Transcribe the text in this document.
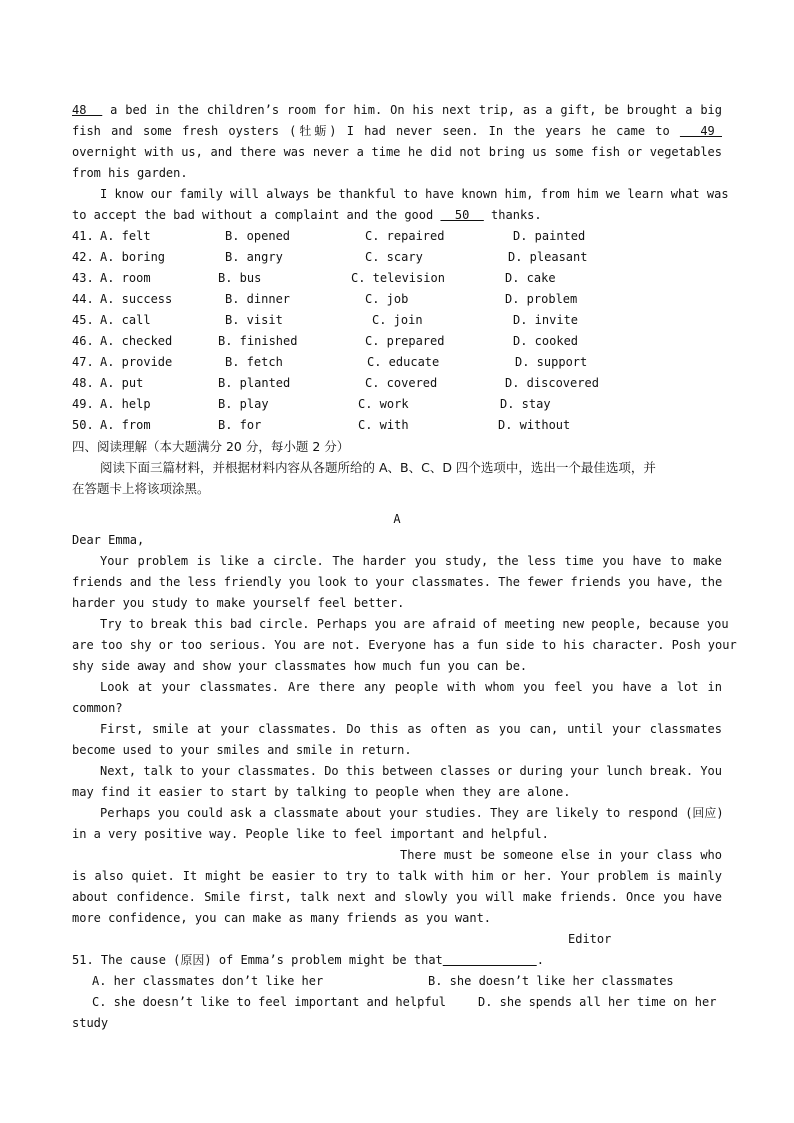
48   a bed in the children’s room for him. On his next trip, as a gift, be brought a big
fish and some fresh oysters (牡蛎) I had never seen. In the years he came to   49
overnight with us, and there was never a time he did not bring us some fish or vegetables
from his garden.
I know our family will always be thankful to have known him, from him we learn what was
to accept the bad without a complaint and the good   50   thanks.
41. A. felt	B. opened	C. repaired	D. painted
42. A. boring	B. angry	C. scary	D. pleasant
43. A. room	B. bus	C. television	D. cake
44. A. success	B. dinner	C. job	D. problem
45. A. call	B. visit	C. join	D. invite
46. A. checked	B. finished	C. prepared	D. cooked
47. A. provide	B. fetch	C. educate	D. support
48. A. put	B. planted	C. covered	D. discovered
49. A. help	B. play	C. work	D. stay
50. A. from	B. for	C. with	D. without
四、阅读理解（本大题满分 20 分，每小题 2 分）
阅读下面三篇材料，并根据材料内容从各题所给的 A、B、C、D 四个选项中，选出一个最佳选项，并
在答题卡上将该项涂黑。
A
Dear Emma,
Your problem is like a circle. The harder you study, the less time you have to make
friends and the less friendly you look to your classmates. The fewer friends you have, the
harder you study to make yourself feel better.
Try to break this bad circle. Perhaps you are afraid of meeting new people, because you
are too shy or too serious. You are not. Everyone has a fun side to his character. Posh your
shy side away and show your classmates how much fun you can be.
Look at your classmates. Are there any people with whom you feel you have a lot in
common?
First, smile at your classmates. Do this as often as you can, until your classmates
become used to your smiles and smile in return.
Next, talk to your classmates. Do this between classes or during your lunch break. You
may find it easier to start by talking to people when they are alone.
Perhaps you could ask a classmate about your studies. They are likely to respond (回应)
in a very positive way. People like to feel important and helpful.
There must be someone else in your class who
is also quiet. It might be easier to try to talk with him or her. Your problem is mainly
about confidence. Smile first, talk next and slowly you will make friends. Once you have
more confidence, you can make as many friends as you want.
Editor
51. The cause (原因) of Emma’s problem might be that	.
A. her classmates don’t like her	B. she doesn’t like her classmates
C. she doesn’t like to feel important and helpful	D. she spends all her time on her
study
